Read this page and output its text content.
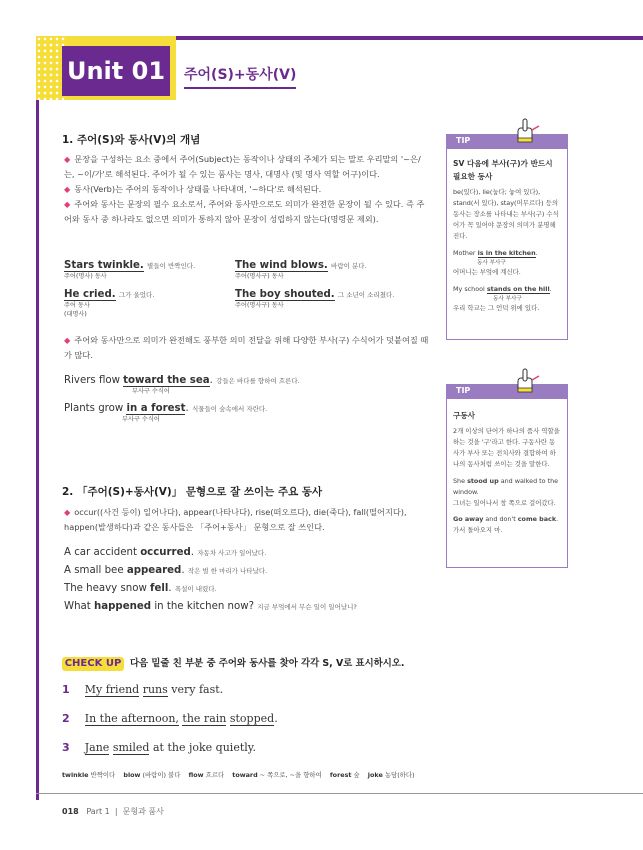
Unit 01	주어(S)+동사(V)
1. 주어(S)와 동사(V)의 개념
◆ 문장을 구성하는 요소 중에서 주어(Subject)는 동작이나 상태의 주체가 되는 말로 우리말의 '~은/는, ~이/가'로 해석된다. 주어가 될 수 있는 품사는 명사, 대명사 (및 명사 역할 어구)이다.
◆ 동사(Verb)는 주어의 동작이나 상태를 나타내며, '~하다'로 해석된다.
◆ 주어와 동사는 문장의 필수 요소로서, 주어와 동사만으로도 의미가 완전한 문장이 될 수 있다. 즉 주어와 동사 중 하나라도 없으면 의미가 통하지 않아 문장이 성립하지 않는다(명령문 제외).
Stars twinkle. 별들이 반짝인다.
주어(명사) 동사
The wind blows. 바람이 분다.
주어(명사구) 동사
He cried. 그가 울었다.
주어 동사
(대명사)
The boy shouted. 그 소년이 소리쳤다.
주어(명사구) 동사
◆ 주어와 동사만으로 의미가 완전해도 풍부한 의미 전달을 위해 다양한 부사(구) 수식어가 덧붙여질 때가 많다.
Rivers flow toward the sea. 강들은 바다를 향하여 흐른다.
부사구 수식어
Plants grow in a forest. 식물들이 숲속에서 자란다.
부사구 수식어
2. 「주어(S)+동사(V)」 문형으로 잘 쓰이는 주요 동사
◆ occur((사건 등이) 일어나다), appear(나타나다), rise(떠오르다), die(죽다), fall(떨어지다), happen(발생하다)과 같은 동사들은 「주어+동사」 문형으로 잘 쓰인다.
A car accident occurred. 자동차 사고가 일어났다.
A small bee appeared. 작은 벌 한 마리가 나타났다.
The heavy snow fell. 폭설이 내렸다.
What happened in the kitchen now? 지금 부엌에서 무슨 일이 일어났니?
TIP
SV 다음에 부사(구)가 반드시 필요한 동사
be(있다), lie(눕다; 놓여 있다), stand(서 있다), stay(머무르다) 등의 동사는 장소를 나타내는 부사(구) 수식어가 꼭 있어야 문장의 의미가 분명해진다.
Mother is in the kitchen.
동사 부사구
어머니는 부엌에 계신다.
My school stands on the hill.
동사 부사구
우리 학교는 그 언덕 위에 있다.
TIP
구동사
2개 이상의 단어가 하나의 품사 역할을 하는 것을 '구'라고 한다. 구동사란 동사가 부사 또는 전치사와 결합하여 하나의 동사처럼 쓰이는 것을 말한다.
She stood up and walked to the window.
그녀는 일어나서 창 쪽으로 걸어갔다.
Go away and don't come back.
가서 돌아오지 마.
CHECK UP 다음 밑줄 친 부분 중 주어와 동사를 찾아 각각 S, V로 표시하시오.
1 My friend runs very fast.
2 In the afternoon, the rain stopped.
3 Jane smiled at the joke quietly.
twinkle 반짝이다 blow (바람이) 불다 flow 흐르다 toward ~ 쪽으로, ~을 향하여 forest 숲 joke 농담(하다)
018 Part 1 | 문형과 품사
